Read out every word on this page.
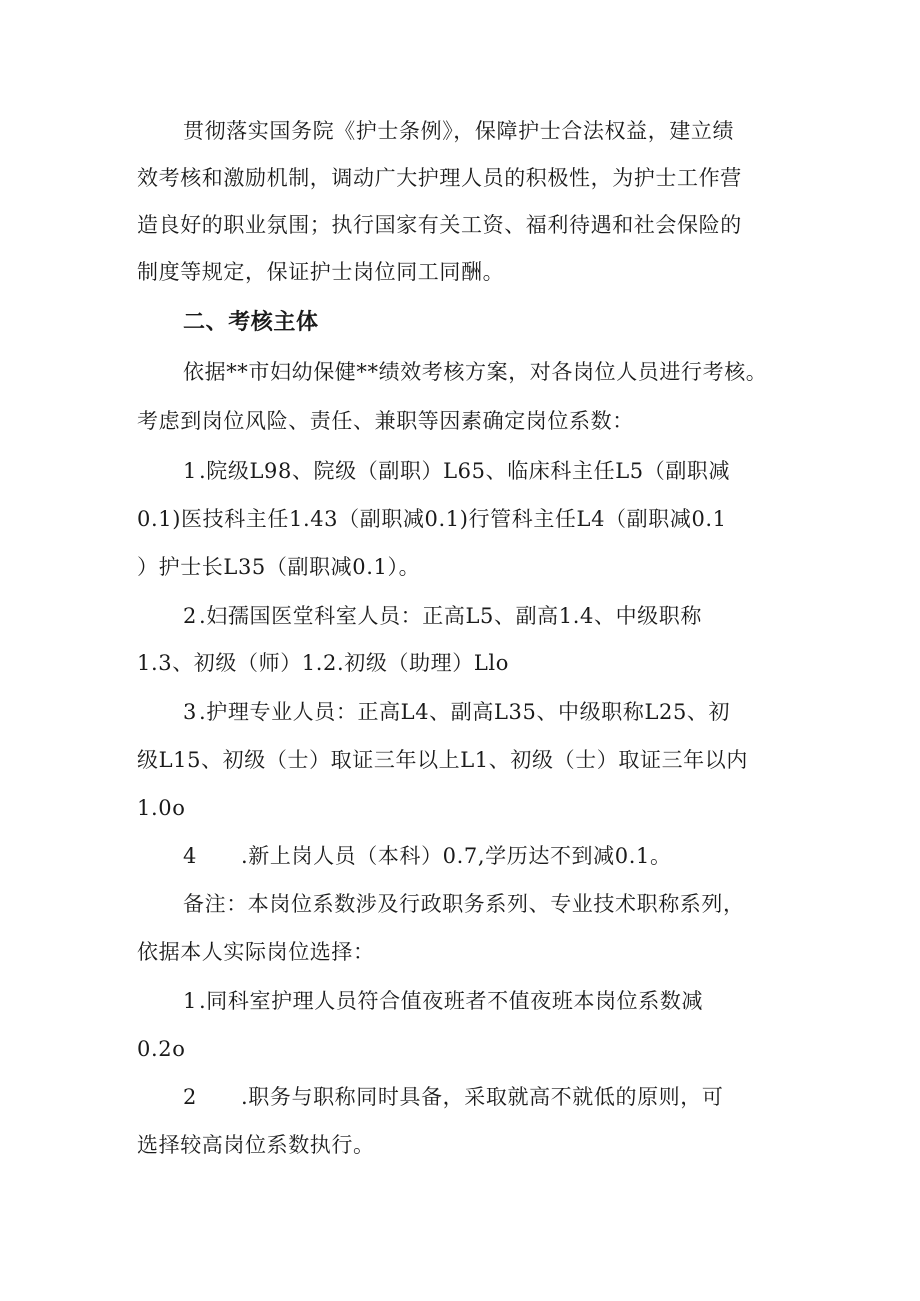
贯彻落实国务院《护士条例》，保障护士合法权益，建立绩
效考核和激励机制，调动广大护理人员的积极性，为护士工作营
造良好的职业氛围；执行国家有关工资、福利待遇和社会保险的
制度等规定，保证护士岗位同工同酬。
二、考核主体
依据**市妇幼保健**绩效考核方案，对各岗位人员进行考核。
考虑到岗位风险、责任、兼职等因素确定岗位系数：
1.院级L98、院级（副职）L65、临床科主任L5（副职减
0.1)医技科主任1.43（副职减0.1)行管科主任L4（副职减0.1
）护士长L35（副职减0.1）。
2.妇孺国医堂科室人员：正高L5、副高1.4、中级职称
1.3、初级（师）1.2.初级（助理）Llo
3.护理专业人员：正高L4、副高L35、中级职称L25、初
级L15、初级（士）取证三年以上L1、初级（士）取证三年以内
1.0o
4 .新上岗人员（本科）0.7,学历达不到减0.1。
备注：本岗位系数涉及行政职务系列、专业技术职称系列，
依据本人实际岗位选择：
1.同科室护理人员符合值夜班者不值夜班本岗位系数减
0.2o
2 .职务与职称同时具备，采取就高不就低的原则，可
选择较高岗位系数执行。
